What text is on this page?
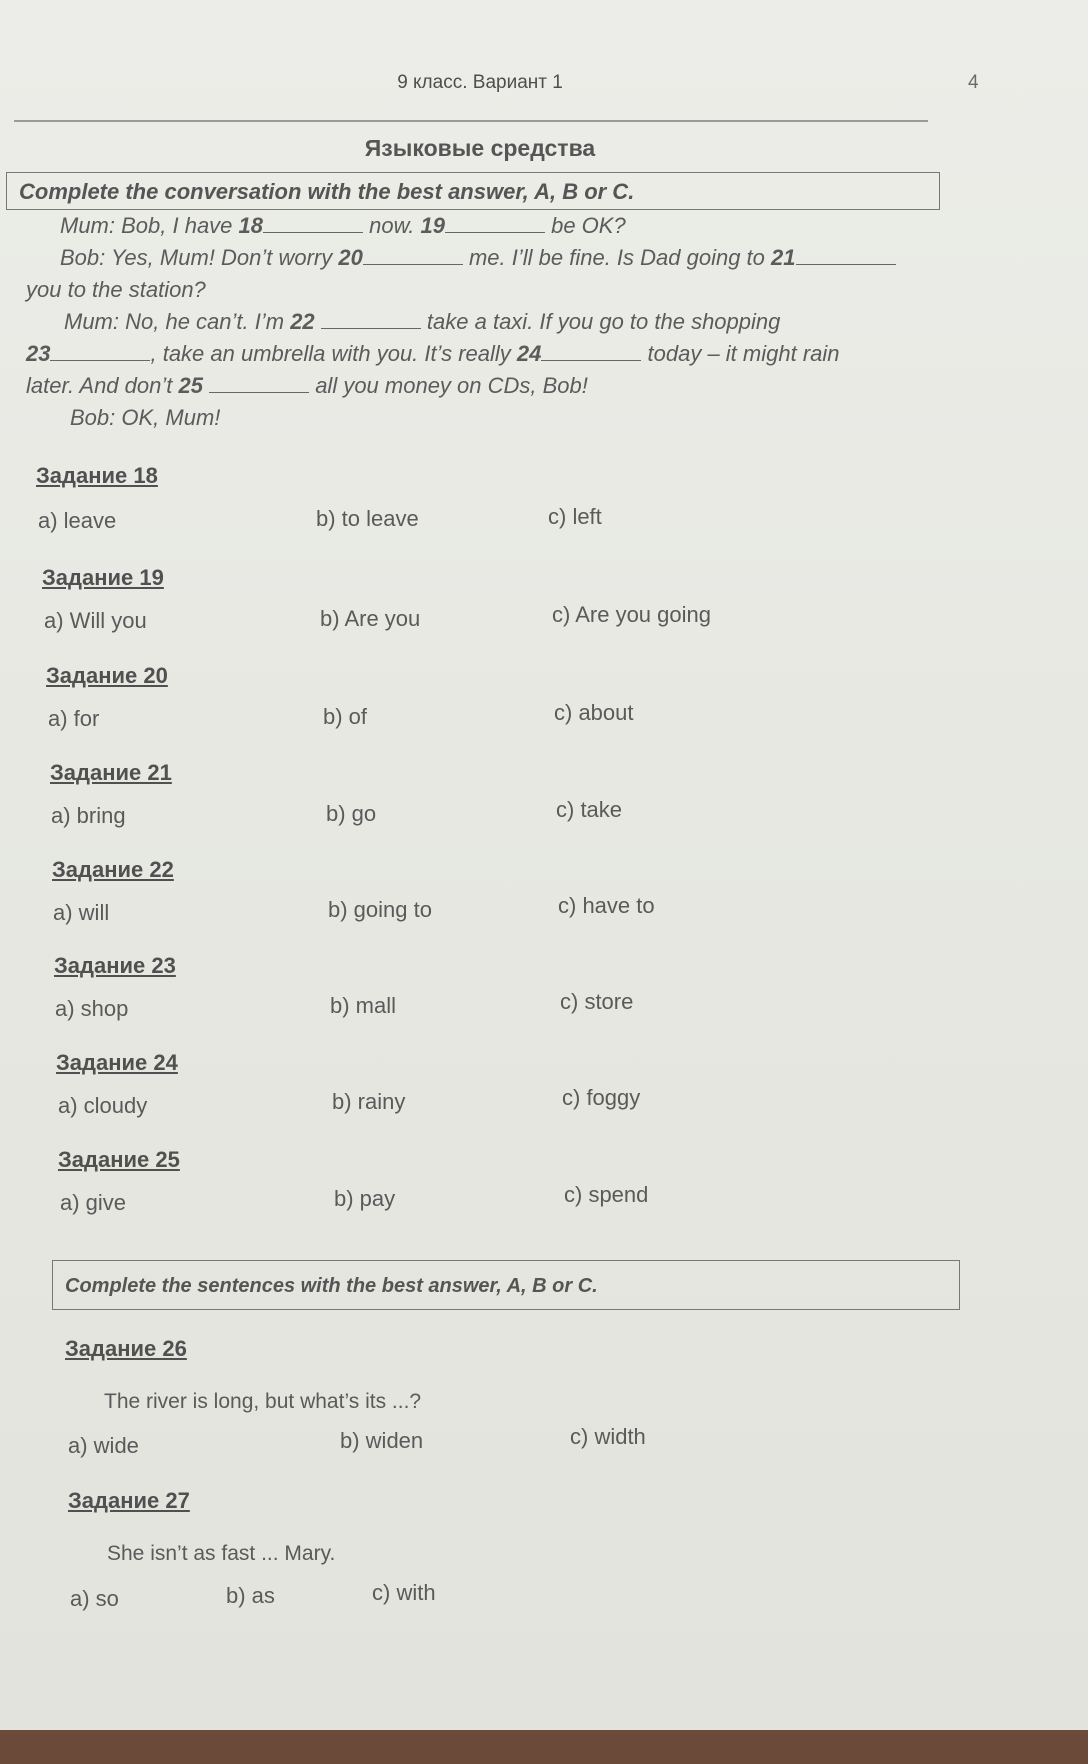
9 класс. Вариант 1	4
Языковые средства
Complete the conversation with the best answer, A, B or C.
Mum: Bob, I have 18	now. 19	be OK?
Bob: Yes, Mum! Don’t worry 20	me. I’ll be fine. Is Dad going to 21
you to the station?
Mum: No, he can’t. I’m 22	take a taxi. If you go to the shopping
23	, take an umbrella with you. It’s really 24	today – it might rain
later. And don’t 25	all you money on CDs, Bob!
Bob: OK, Mum!
Задание 18
a) leave	b) to leave	c) left
Задание 19
a) Will you	b) Are you	c) Are you going
Задание 20
a) for	b) of	c) about
Задание 21
a) bring	b) go	c) take
Задание 22
a) will	b) going to	c) have to
Задание 23
a) shop	b) mall	c) store
Задание 24
a) cloudy	b) rainy	c) foggy
Задание 25
a) give	b) pay	c) spend
Complete the sentences with the best answer, A, B or C.
Задание 26
The river is long, but what’s its ...?
a) wide	b) widen	c) width
Задание 27
She isn’t as fast ... Mary.
a) so	b) as	c) with
